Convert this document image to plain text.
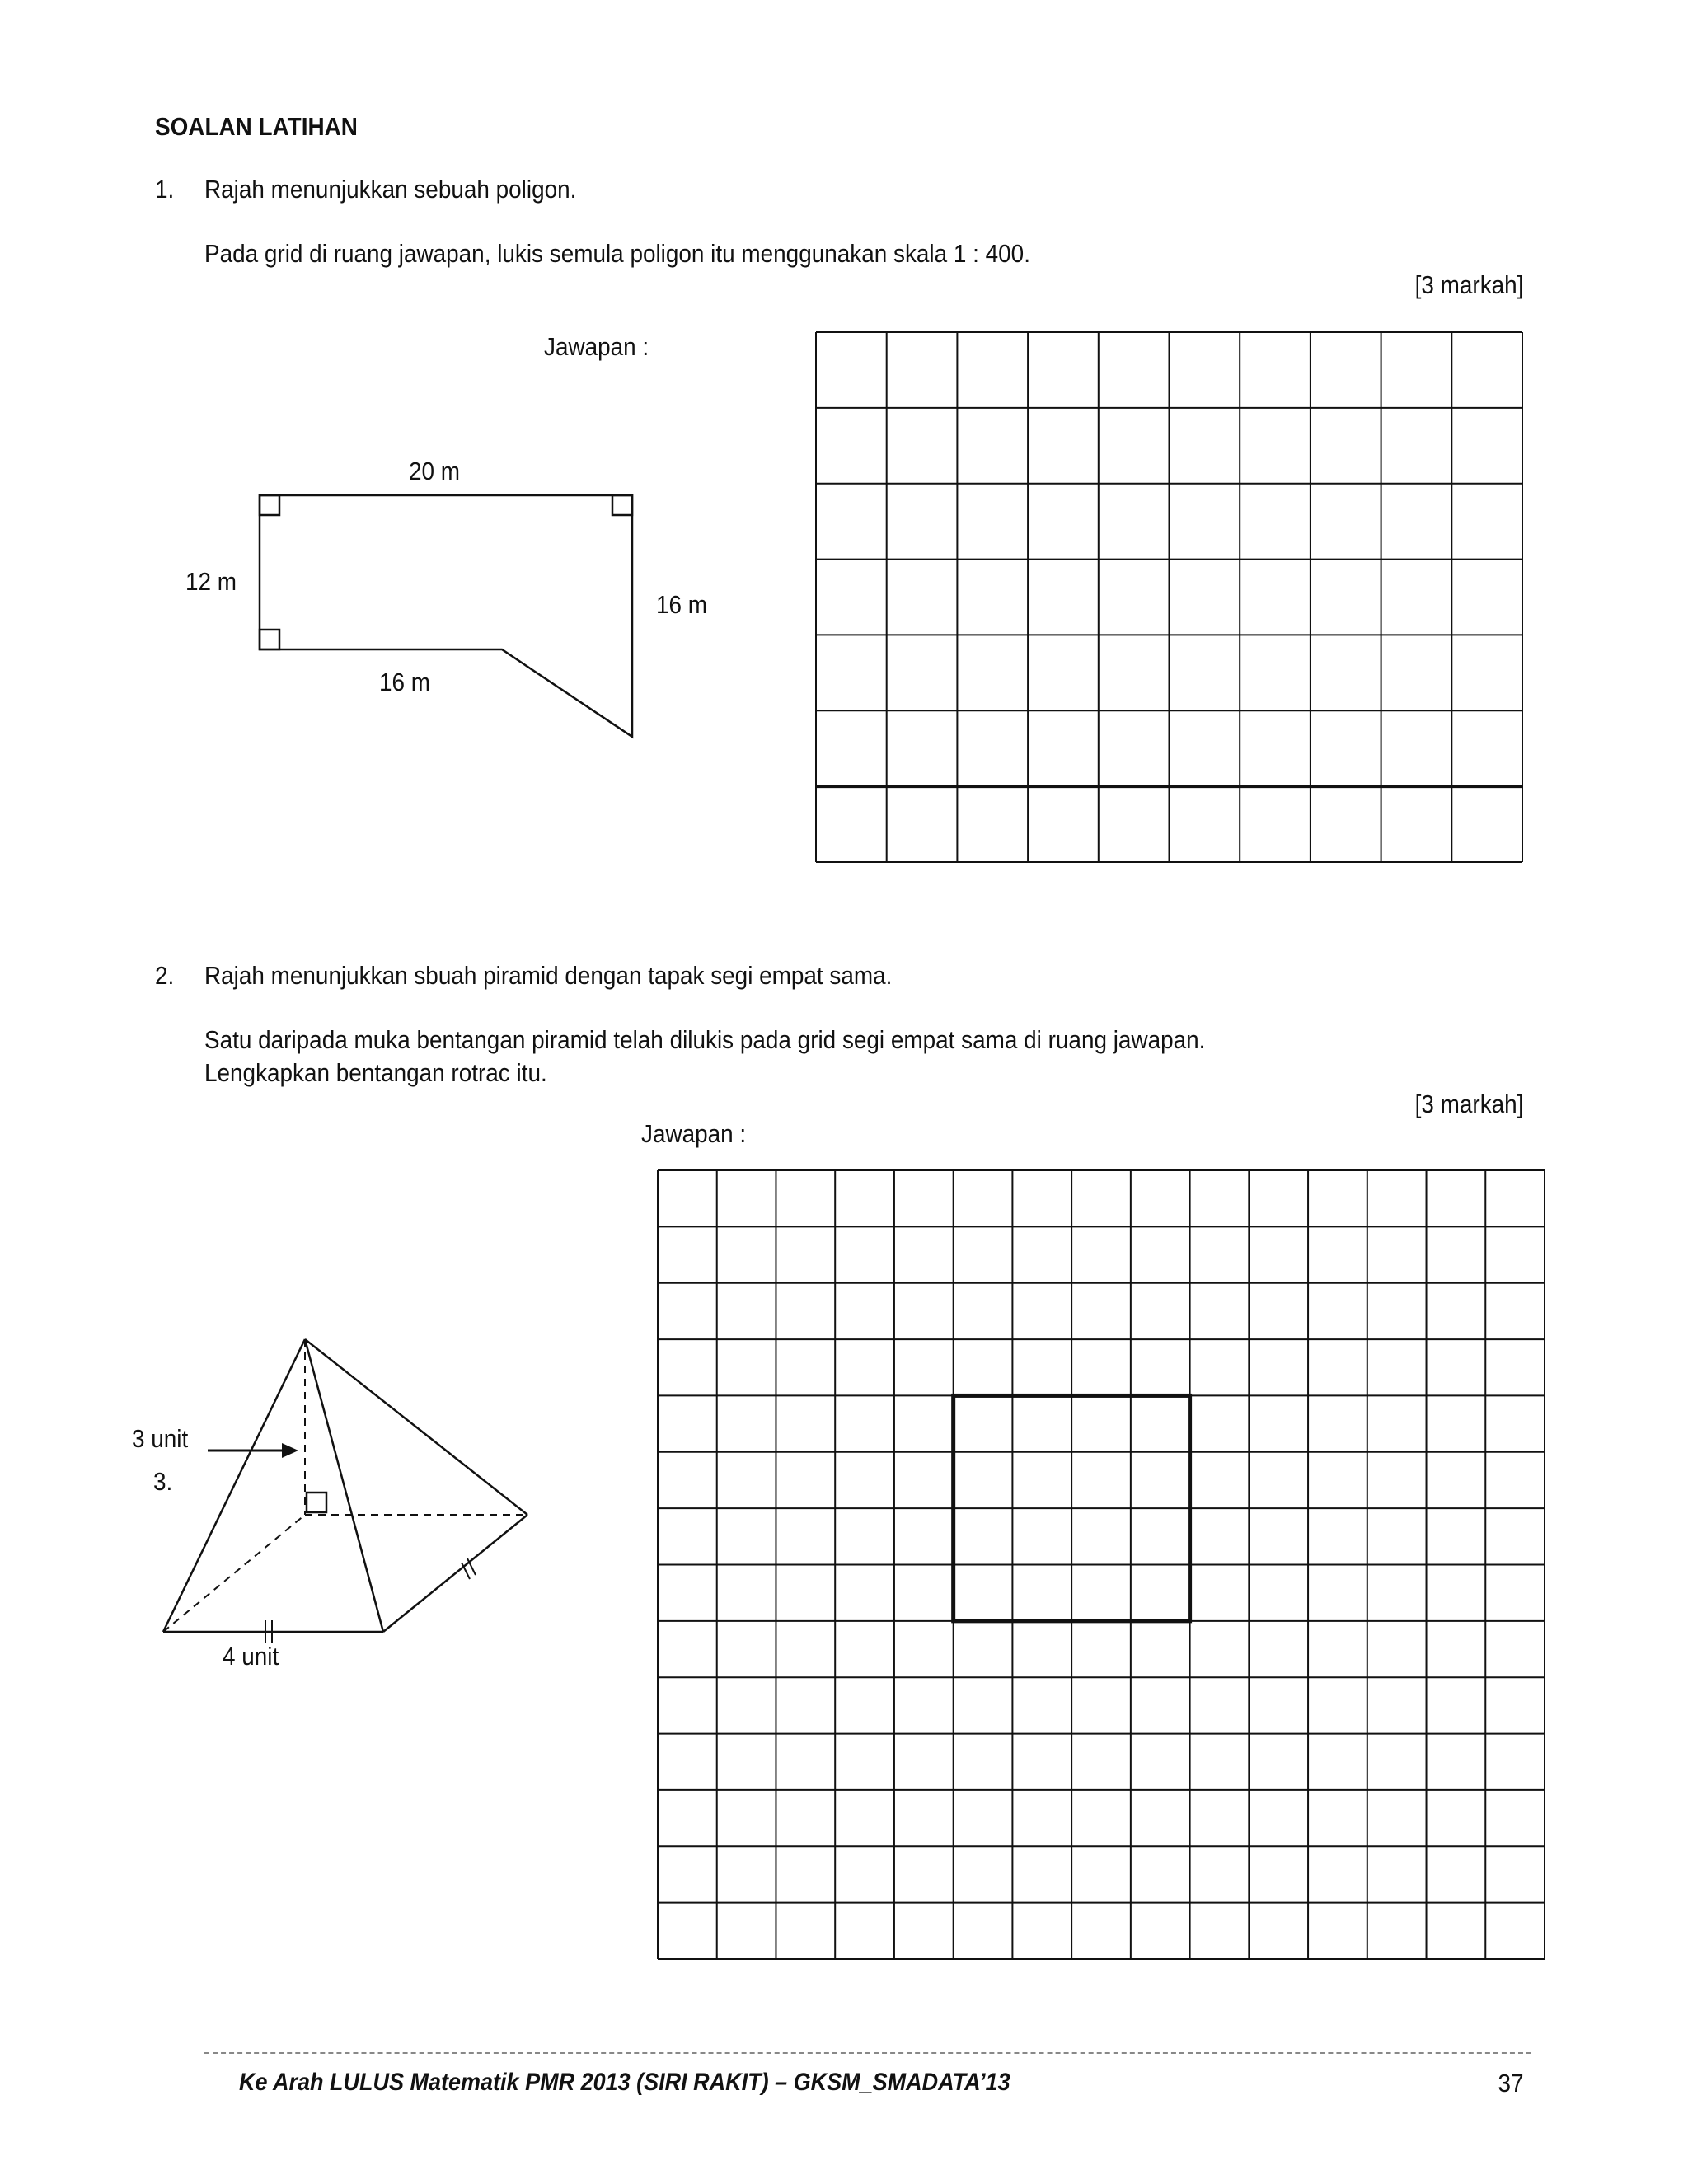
SOALAN LATIHAN
1. Rajah menunjukkan sebuah poligon.
Pada grid di ruang jawapan, lukis semula poligon itu menggunakan skala 1 : 400.
[3 markah]
Jawapan :
20 m
12 m
16 m
16 m
2. Rajah menunjukkan sbuah piramid dengan tapak segi empat sama.
Satu daripada muka bentangan piramid telah dilukis pada grid segi empat sama di ruang jawapan.
Lengkapkan bentangan rotrac itu.
[3 markah]
Jawapan :
3 unit
3.
4 unit
Ke Arah LULUS Matematik PMR 2013 (SIRI RAKIT) – GKSM_SMADATA’13	37
